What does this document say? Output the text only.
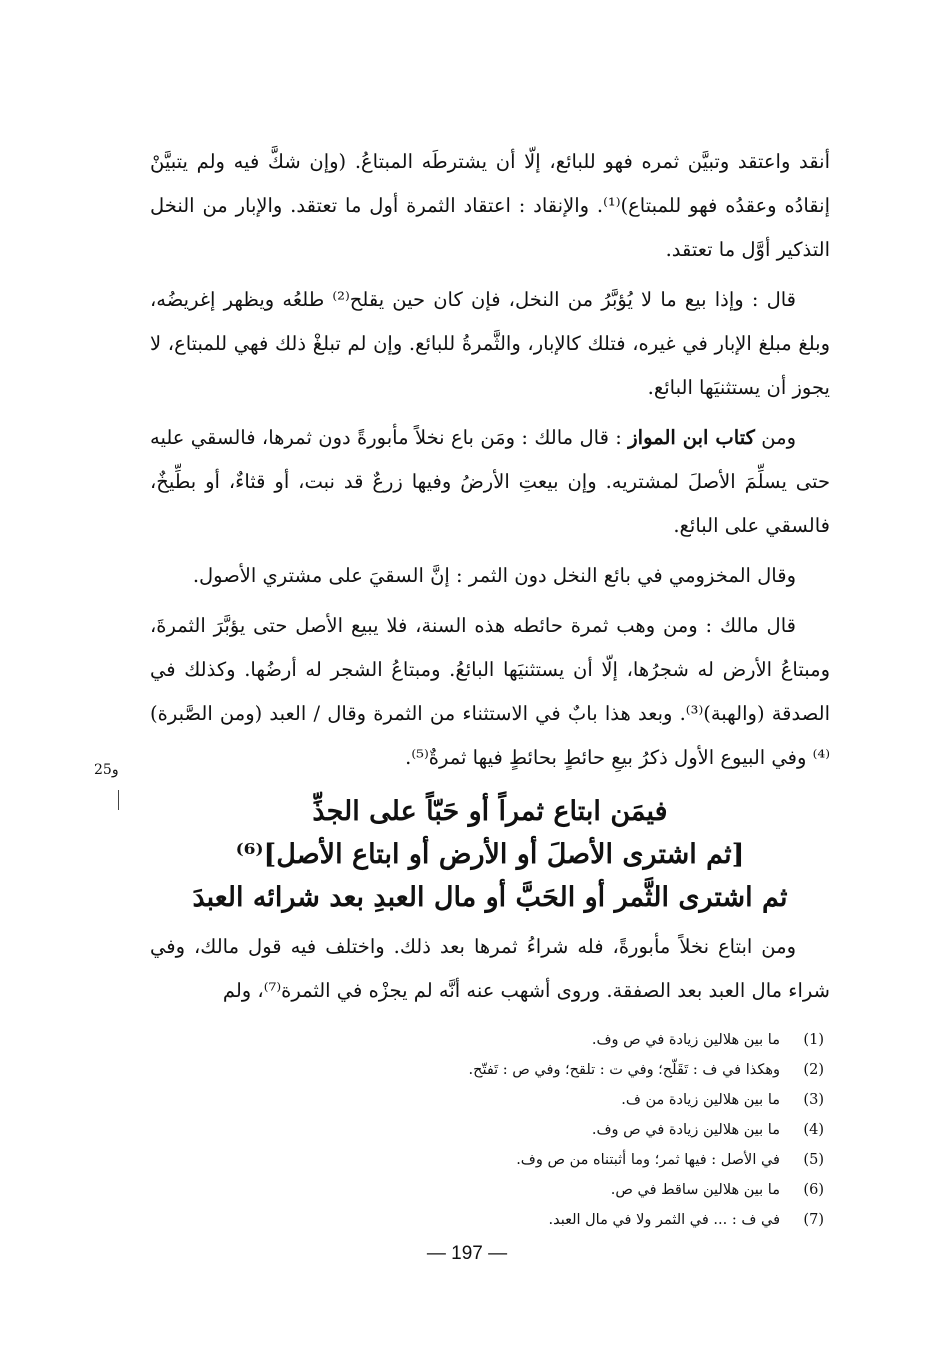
أنقد واعتقد وتبيَّن ثمره فهو للبائع، إلّا أن يشترطَه المبتاعُ. (وإن شكَّ فيه ولم يتبيَّنْ إنقادُه وعقدُه فهو للمبتاع)⁽¹⁾. والإنقاد : اعتقاد الثمرة أول ما تعتقد. والإبار من النخل التذكير أوَّل ما تعتقد.

قال : وإذا بيع ما لا يُؤبَّرُ من النخل، فإن كان حين يقلح⁽²⁾ طلعُه ويظهر إغريضُه، وبلغ مبلغ الإبار في غيره، فتلك كالإبار، والثَّمرةُ للبائع. وإن لم تبلغْ ذلك فهي للمبتاع، لا يجوز أن يستثنيَها البائع.

ومن كتاب ابن المواز : قال مالك : ومَن باع نخلاً مأبورةً دون ثمرها، فالسقي عليه حتى يسلِّمَ الأصلَ لمشتريه. وإن بيعتِ الأرضُ وفيها زرعٌ قد نبت، أو قثاءٌ، أو بطِّيخٌ، فالسقي على البائع.

وقال المخزومي في بائع النخل دون الثمر : إنَّ السقيَ على مشتري الأصول.

قال مالك : ومن وهب ثمرة حائطه هذه السنة، فلا يبيع الأصل حتى يؤبَّرَ الثمرةَ، ومبتاعُ الأرض له شجرُها، إلّا أن يستثنيَها البائعُ. ومبتاعُ الشجر له أرضُها. وكذلك في الصدقة (والهبة)⁽³⁾. وبعد هذا بابٌ في الاستثناء من الثمرة وقال / العبد (ومن الصَّبرة)⁽⁴⁾ وفي البيوع الأول ذكرُ بيعِ حائطٍ بحائطٍ فيها ثمرةٌ⁽⁵⁾.

فيمَن ابتاع ثمراً أو حَبّاً على الجذِّ

[ثم اشترى الأصلَ أو الأرض أو ابتاع الأصل]⁽⁶⁾

ثم اشترى الثَّمر أو الحَبَّ أو مال العبدِ بعد شرائه العبدَ

ومن ابتاع نخلاً مأبورةً، فله شراءُ ثمرها بعد ذلك. واختلف فيه قول مالك، وفي شراء مال العبد بعد الصفقة. وروى أشهب عنه أنَّه لم يجزْه في الثمرة⁽⁷⁾، ولم

(1)
ما بين هلالين زيادة في ص وف.
(2)
وهكذا في ف : تَقَلّح؛ وفي ت : تلقح؛ وفي ص : تَفتّح.
(3)
ما بين هلالين زيادة من ف.
(4)
ما بين هلالين زيادة في ص وف.
(5)
في الأصل : فيها ثمر؛ وما أثبتناه من ص وف.
(6)
ما بين هلالين ساقط في ص.
(7)
في ف : ... في الثمر ولا في مال العبد.
25و
— 197 —
